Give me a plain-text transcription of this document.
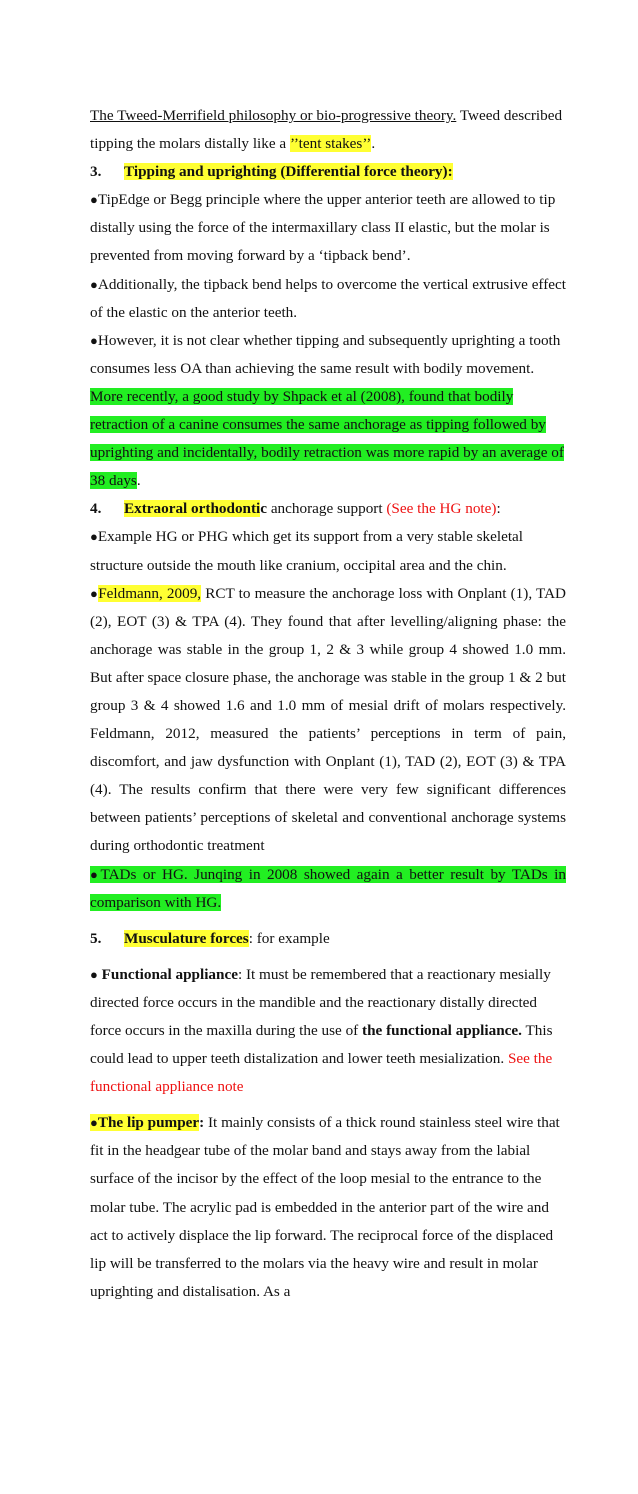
The Tweed-Merrifield philosophy or bio-progressive theory. Tweed described tipping the molars distally like a ’’tent stakes’’.

3. Tipping and uprighting (Differential force theory):

●TipEdge or Begg principle where the upper anterior teeth are allowed to tip distally using the force of the intermaxillary class II elastic, but the molar is prevented from moving forward by a ‘tipback bend’.

●Additionally, the tipback bend helps to overcome the vertical extrusive effect of the elastic on the anterior teeth.

●However, it is not clear whether tipping and subsequently uprighting a tooth consumes less OA than achieving the same result with bodily movement. More recently, a good study by Shpack et al (2008), found that bodily retraction of a canine consumes the same anchorage as tipping followed by uprighting and incidentally, bodily retraction was more rapid by an average of 38 days.

4. Extraoral orthodontic anchorage support (See the HG note):

●Example HG or PHG which get its support from a very stable skeletal structure outside the mouth like cranium, occipital area and the chin.

●Feldmann, 2009, RCT to measure the anchorage loss with Onplant (1), TAD (2), EOT (3) & TPA (4). They found that after levelling/aligning phase: the anchorage was stable in the group 1, 2 & 3 while group 4 showed 1.0 mm. But after space closure phase, the anchorage was stable in the group 1 & 2 but group 3 & 4 showed 1.6 and 1.0 mm of mesial drift of molars respectively. Feldmann, 2012, measured the patients’ perceptions in term of pain, discomfort, and jaw dysfunction with Onplant (1), TAD (2), EOT (3) & TPA (4). The results confirm that there were very few significant differences between patients’ perceptions of skeletal and conventional anchorage systems during orthodontic treatment

●TADs or HG. Junqing in 2008 showed again a better result by TADs in comparison with HG.

5. Musculature forces: for example

● Functional appliance: It must be remembered that a reactionary mesially directed force occurs in the mandible and the reactionary distally directed force occurs in the maxilla during the use of the functional appliance. This could lead to upper teeth distalization and lower teeth mesialization. See the functional appliance note

●The lip pumper: It mainly consists of a thick round stainless steel wire that fit in the headgear tube of the molar band and stays away from the labial surface of the incisor by the effect of the loop mesial to the entrance to the molar tube. The acrylic pad is embedded in the anterior part of the wire and act to actively displace the lip forward. The reciprocal force of the displaced lip will be transferred to the molars via the heavy wire and result in molar uprighting and distalisation. As a
